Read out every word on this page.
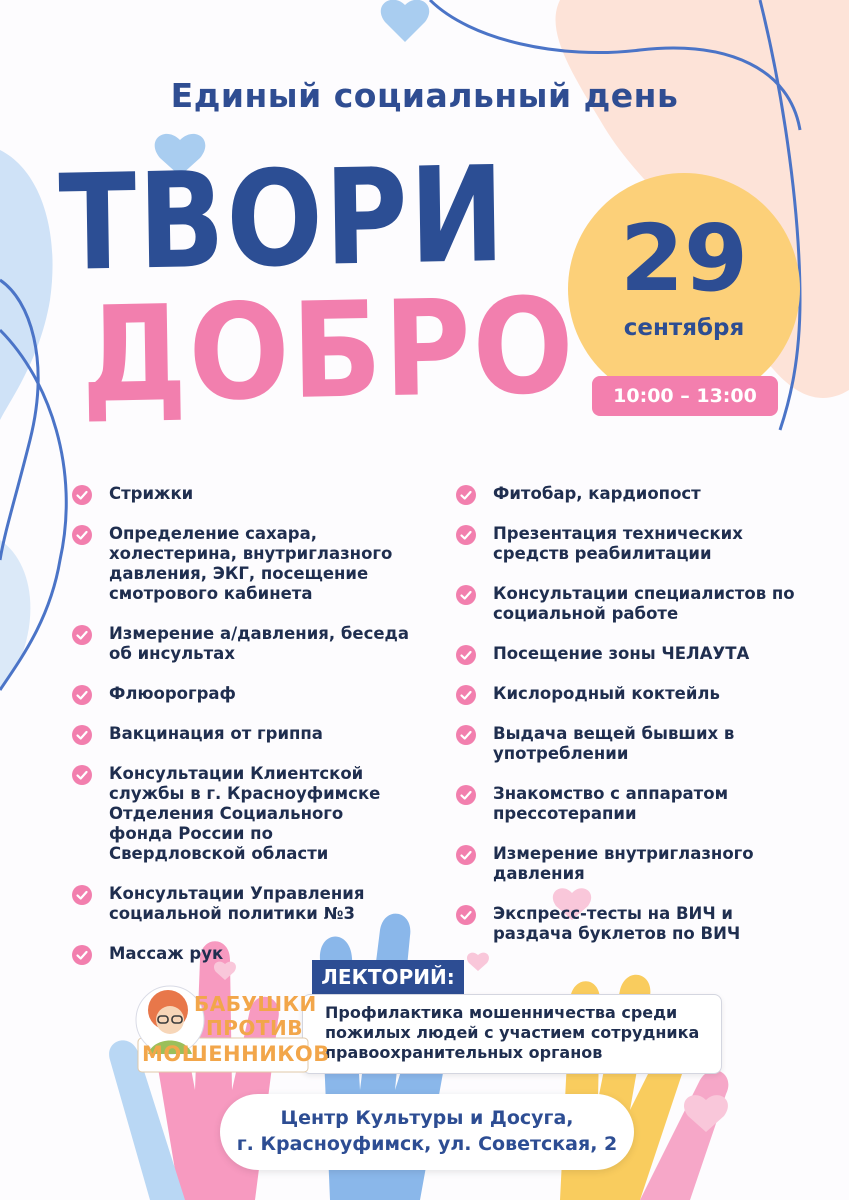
Единый социальный день
ТВОРИ
ДОБРО
29
сентября
10:00 – 13:00
Стрижки
Определение сахара, холестерина, внутриглазного давления, ЭКГ, посещение смотрового кабинета
Измерение а/давления, беседа об инсультах
Флюорограф
Вакцинация от гриппа
Консультации Клиентской службы в г. Красноуфимске Отделения Социального фонда России по Свердловской области
Консультации Управления социальной политики №3
Массаж рук
Фитобар, кардиопост
Презентация технических средств реабилитации
Консультации специалистов по социальной работе
Посещение зоны ЧЕЛАУТА
Кислородный коктейль
Выдача вещей бывших в употреблении
Знакомство с аппаратом прессотерапии
Измерение внутриглазного давления
Экспресс-тесты на ВИЧ и раздача буклетов по ВИЧ
ЛЕКТОРИЙ:
Профилактика мошенничества среди пожилых людей с участием сотрудника правоохранительных органов
БАБУШКИ
ПРОТИВ
МОШЕННИКОВ
Центр Культуры и Досуга,
г. Красноуфимск, ул. Советская, 2
